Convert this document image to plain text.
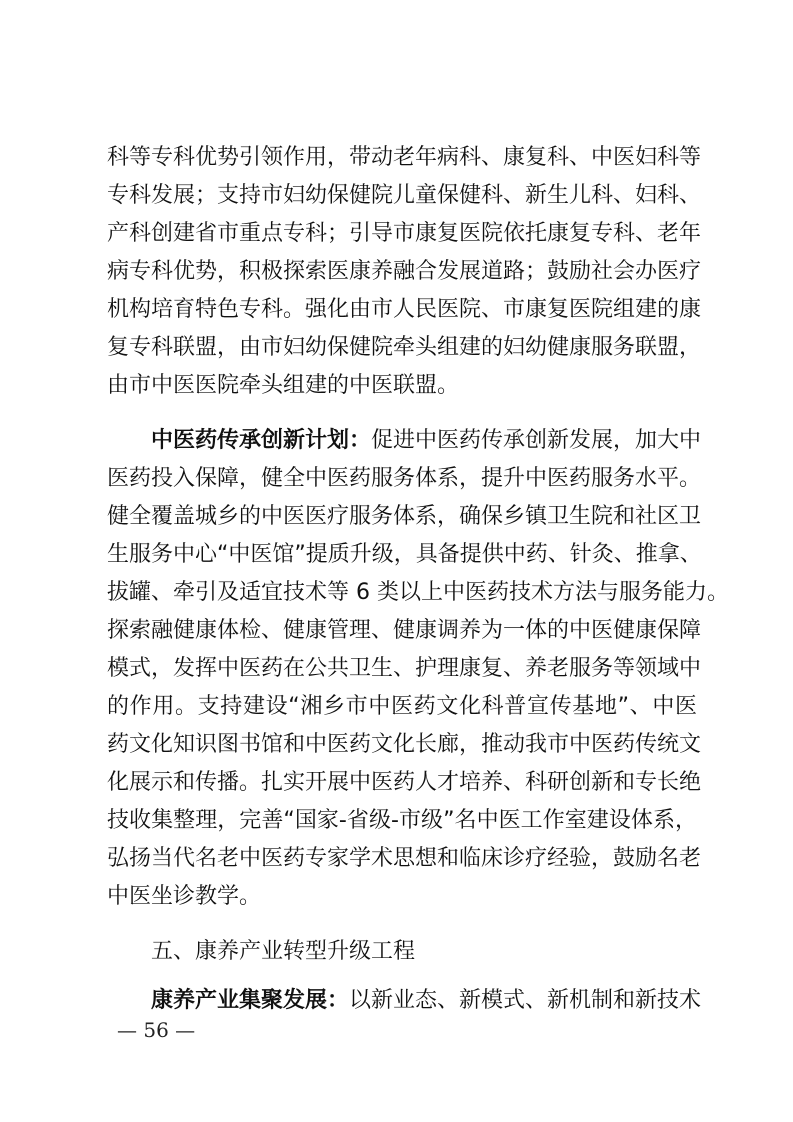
科等专科优势引领作用，带动老年病科、康复科、中医妇科等
专科发展；支持市妇幼保健院儿童保健科、新生儿科、妇科、
产科创建省市重点专科；引导市康复医院依托康复专科、老年
病专科优势，积极探索医康养融合发展道路；鼓励社会办医疗
机构培育特色专科。强化由市人民医院、市康复医院组建的康
复专科联盟，由市妇幼保健院牵头组建的妇幼健康服务联盟，
由市中医医院牵头组建的中医联盟。
中医药传承创新计划：促进中医药传承创新发展，加大中
医药投入保障，健全中医药服务体系，提升中医药服务水平。
健全覆盖城乡的中医医疗服务体系，确保乡镇卫生院和社区卫
生服务中心“中医馆”提质升级，具备提供中药、针灸、推拿、
拔罐、牵引及适宜技术等 6 类以上中医药技术方法与服务能力。
探索融健康体检、健康管理、健康调养为一体的中医健康保障
模式，发挥中医药在公共卫生、护理康复、养老服务等领域中
的作用。支持建设“湘乡市中医药文化科普宣传基地”、中医
药文化知识图书馆和中医药文化长廊，推动我市中医药传统文
化展示和传播。扎实开展中医药人才培养、科研创新和专长绝
技收集整理，完善“国家-省级-市级”名中医工作室建设体系，
弘扬当代名老中医药专家学术思想和临床诊疗经验，鼓励名老
中医坐诊教学。
五、康养产业转型升级工程
康养产业集聚发展：以新业态、新模式、新机制和新技术
— 56 —
